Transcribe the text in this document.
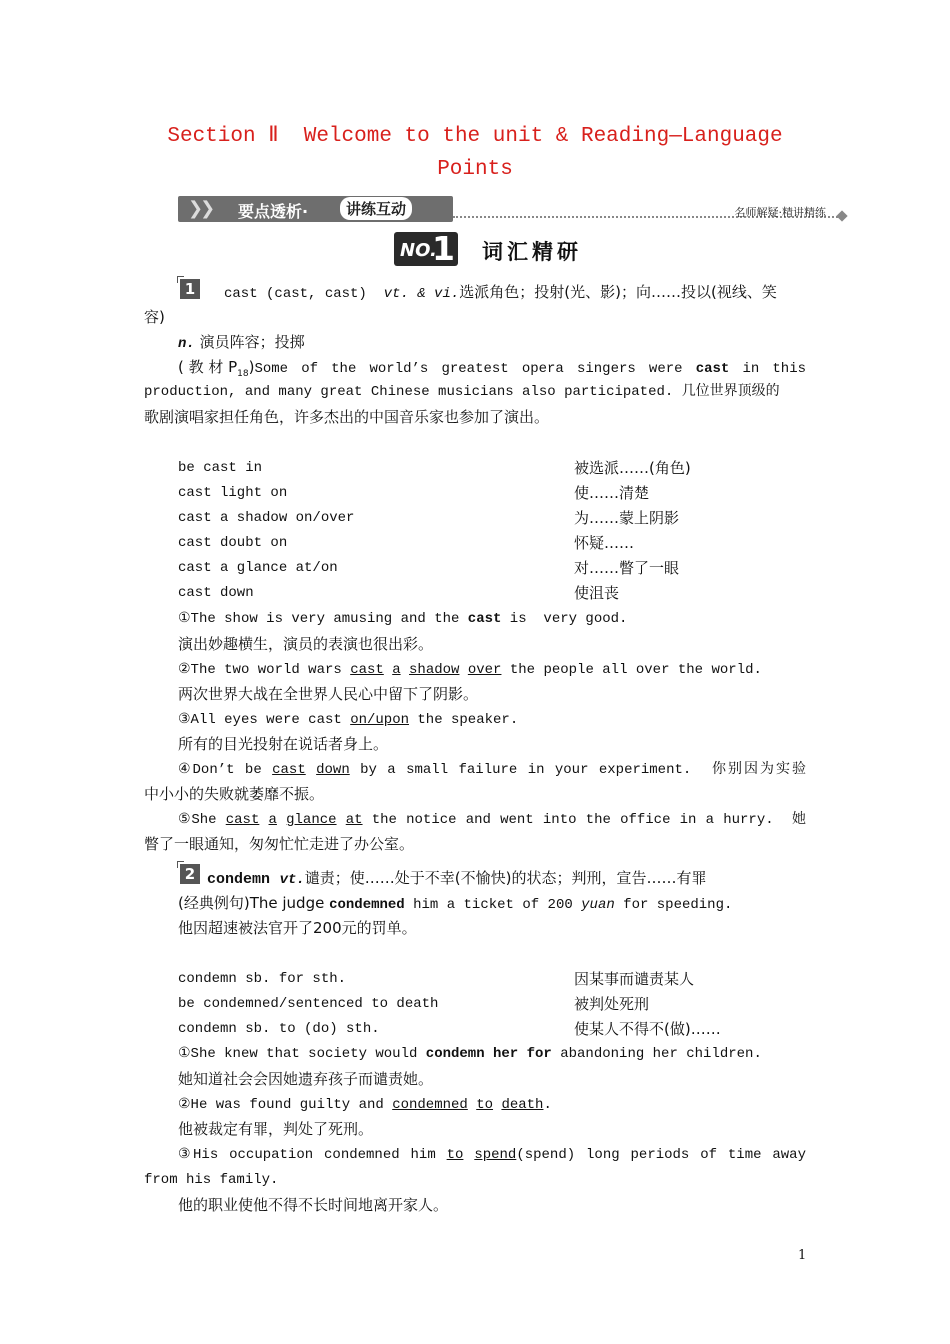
Section Ⅱ  Welcome to the unit & Reading—Language
Points
❯❯ 要点透析·	讲练互动	名师解疑·精讲精练
NO.
1 词汇精研
1	cast (cast, cast)  vt. & vi.选派角色；投射(光、影)；向……投以(视线、笑
容)
n. 演员阵容；投掷
(教材$P_{18})Some$ of the world’s greatest opera singers were cast in this
production, and many great Chinese musicians also participated. 几位世界顶级的
歌剧演唱家担任角色，许多杰出的中国音乐家也参加了演出。
be cast in	被选派……(角色)
cast light on	使……清楚
cast a shadow on/over	为……蒙上阴影
cast doubt on	怀疑……
cast a glance at/on	对……瞥了一眼
cast down	使沮丧
①The show is very amusing and the cast is  very good.
演出妙趣横生，演员的表演也很出彩。
②The two world wars cast a shadow over the people all over the world.
两次世界大战在全世界人民心中留下了阴影。
③All eyes were cast on/upon the speaker.
所有的目光投射在说话者身上。
④Don’t be cast down by a small failure in your experiment.  你别因为实验
中小小的失败就萎靡不振。
⑤She cast a glance at the notice and went into the office in a hurry.  她
瞥了一眼通知，匆匆忙忙走进了办公室。
2 condemn vt.谴责；使……处于不幸(不愉快)的状态；判刑，宣告……有罪
(经典例句)The judge condemned him a ticket of 200 yuan for speeding.
他因超速被法官开了200元的罚单。
condemn sb. for sth.	因某事而谴责某人
be condemned/sentenced to death	被判处死刑
condemn sb. to (do) sth.	使某人不得不(做)……
①She knew that society would condemn her for abandoning her children.
她知道社会会因她遗弃孩子而谴责她。
②He was found guilty and condemned to death.
他被裁定有罪，判处了死刑。
③His occupation condemned him to spend(spend) long periods of time away
from his family.
他的职业使他不得不长时间地离开家人。
1
